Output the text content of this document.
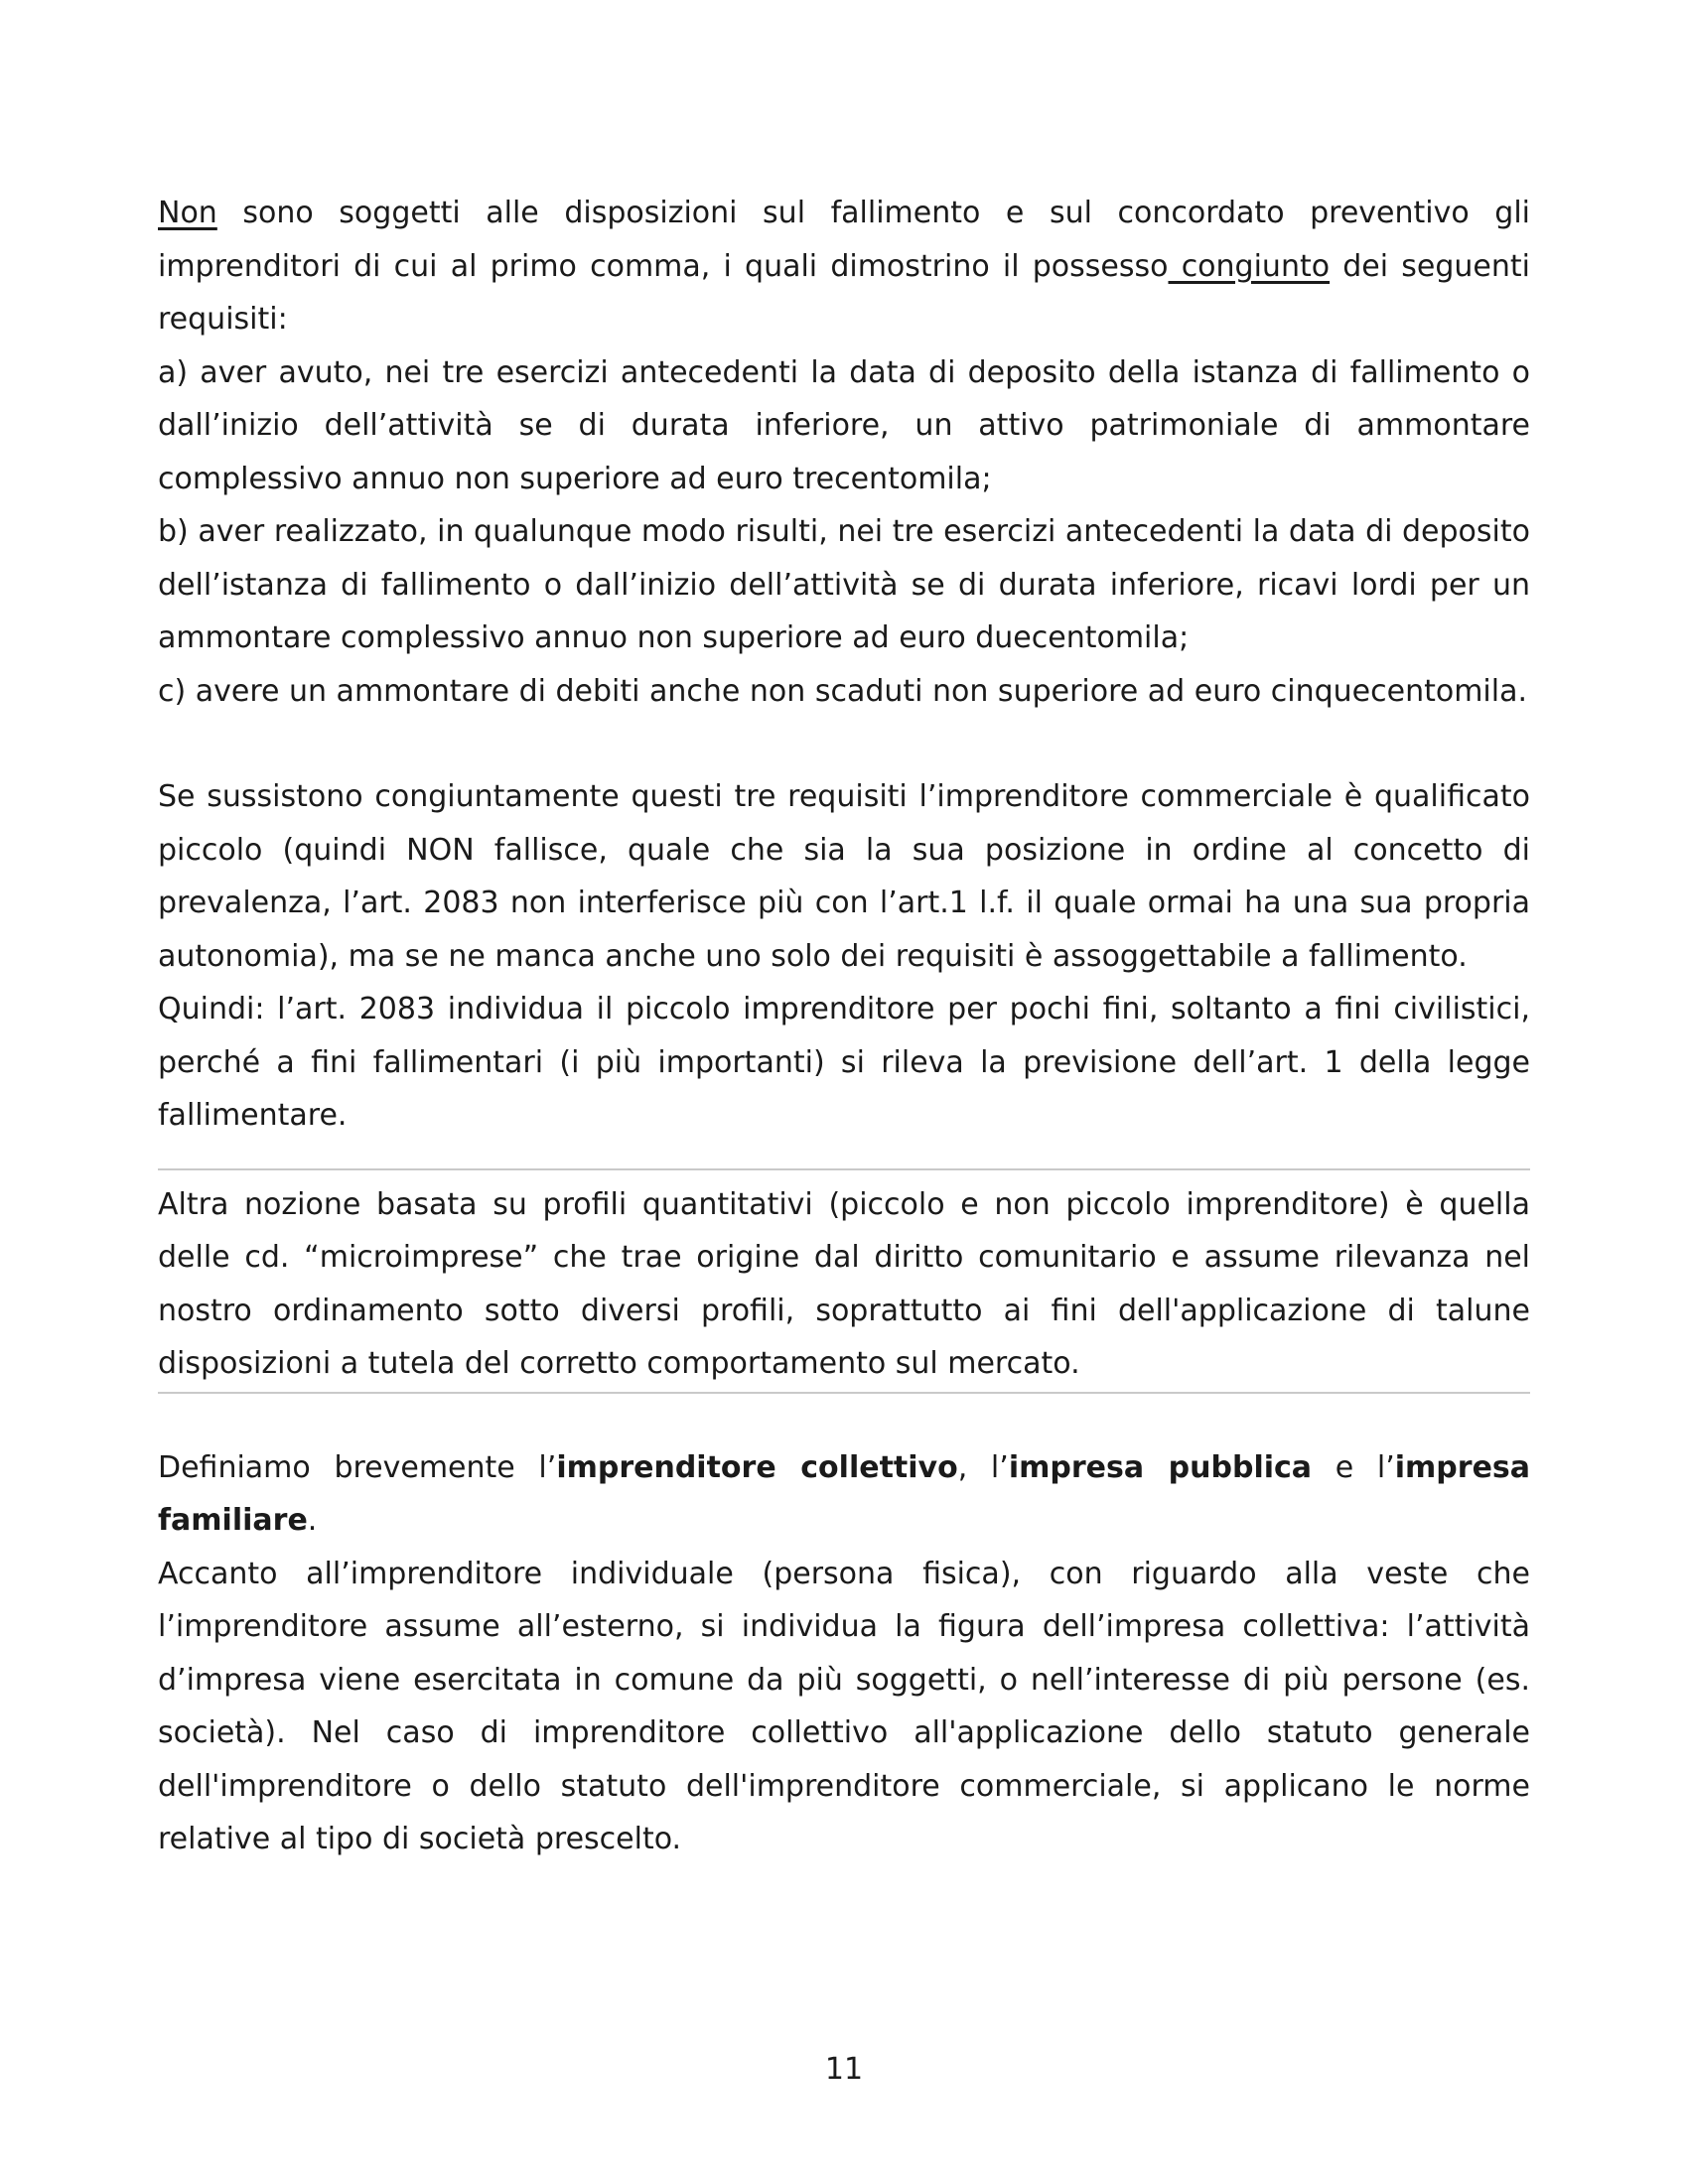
Non sono soggetti alle disposizioni sul fallimento e sul concordato preventivo gli imprenditori di cui al primo comma, i quali dimostrino il possesso congiunto dei seguenti requisiti:

a) aver avuto, nei tre esercizi antecedenti la data di deposito della istanza di fallimento o dall’inizio dell’attività se di durata inferiore, un attivo patrimoniale di ammontare complessivo annuo non superiore ad euro trecentomila;

b) aver realizzato, in qualunque modo risulti, nei tre esercizi antecedenti la data di deposito dell’istanza di fallimento o dall’inizio dell’attività se di durata inferiore, ricavi lordi per un ammontare complessivo annuo non superiore ad euro duecentomila;

c) avere un ammontare di debiti anche non scaduti non superiore ad euro cinquecentomila.

Se sussistono congiuntamente questi tre requisiti l’imprenditore commerciale è qualificato piccolo (quindi NON fallisce, quale che sia la sua posizione in ordine al concetto di prevalenza, l’art. 2083 non interferisce più con l’art.1 l.f. il quale ormai ha una sua propria autonomia), ma se ne manca anche uno solo dei requisiti è assoggettabile a fallimento.

Quindi: l’art. 2083 individua il piccolo imprenditore per pochi fini, soltanto a fini civilistici, perché a fini fallimentari (i più importanti) si rileva la previsione dell’art. 1 della legge fallimentare.

Altra nozione basata su profili quantitativi (piccolo e non piccolo imprenditore) è quella delle cd. “microimprese” che trae origine dal diritto comunitario e assume rilevanza nel nostro ordinamento sotto diversi profili, soprattutto ai fini dell'applicazione di talune disposizioni a tutela del corretto comportamento sul mercato.

Definiamo brevemente l’imprenditore collettivo, l’impresa pubblica e l’impresa familiare.

Accanto all’imprenditore individuale (persona fisica), con riguardo alla veste che l’imprenditore assume all’esterno, si individua la figura dell’impresa collettiva: l’attività d’impresa viene esercitata in comune da più soggetti, o nell’interesse di più persone (es. società). Nel caso di imprenditore collettivo all'applicazione dello statuto generale dell'imprenditore o dello statuto dell'imprenditore commerciale, si applicano le norme relative al tipo di società prescelto.

11
